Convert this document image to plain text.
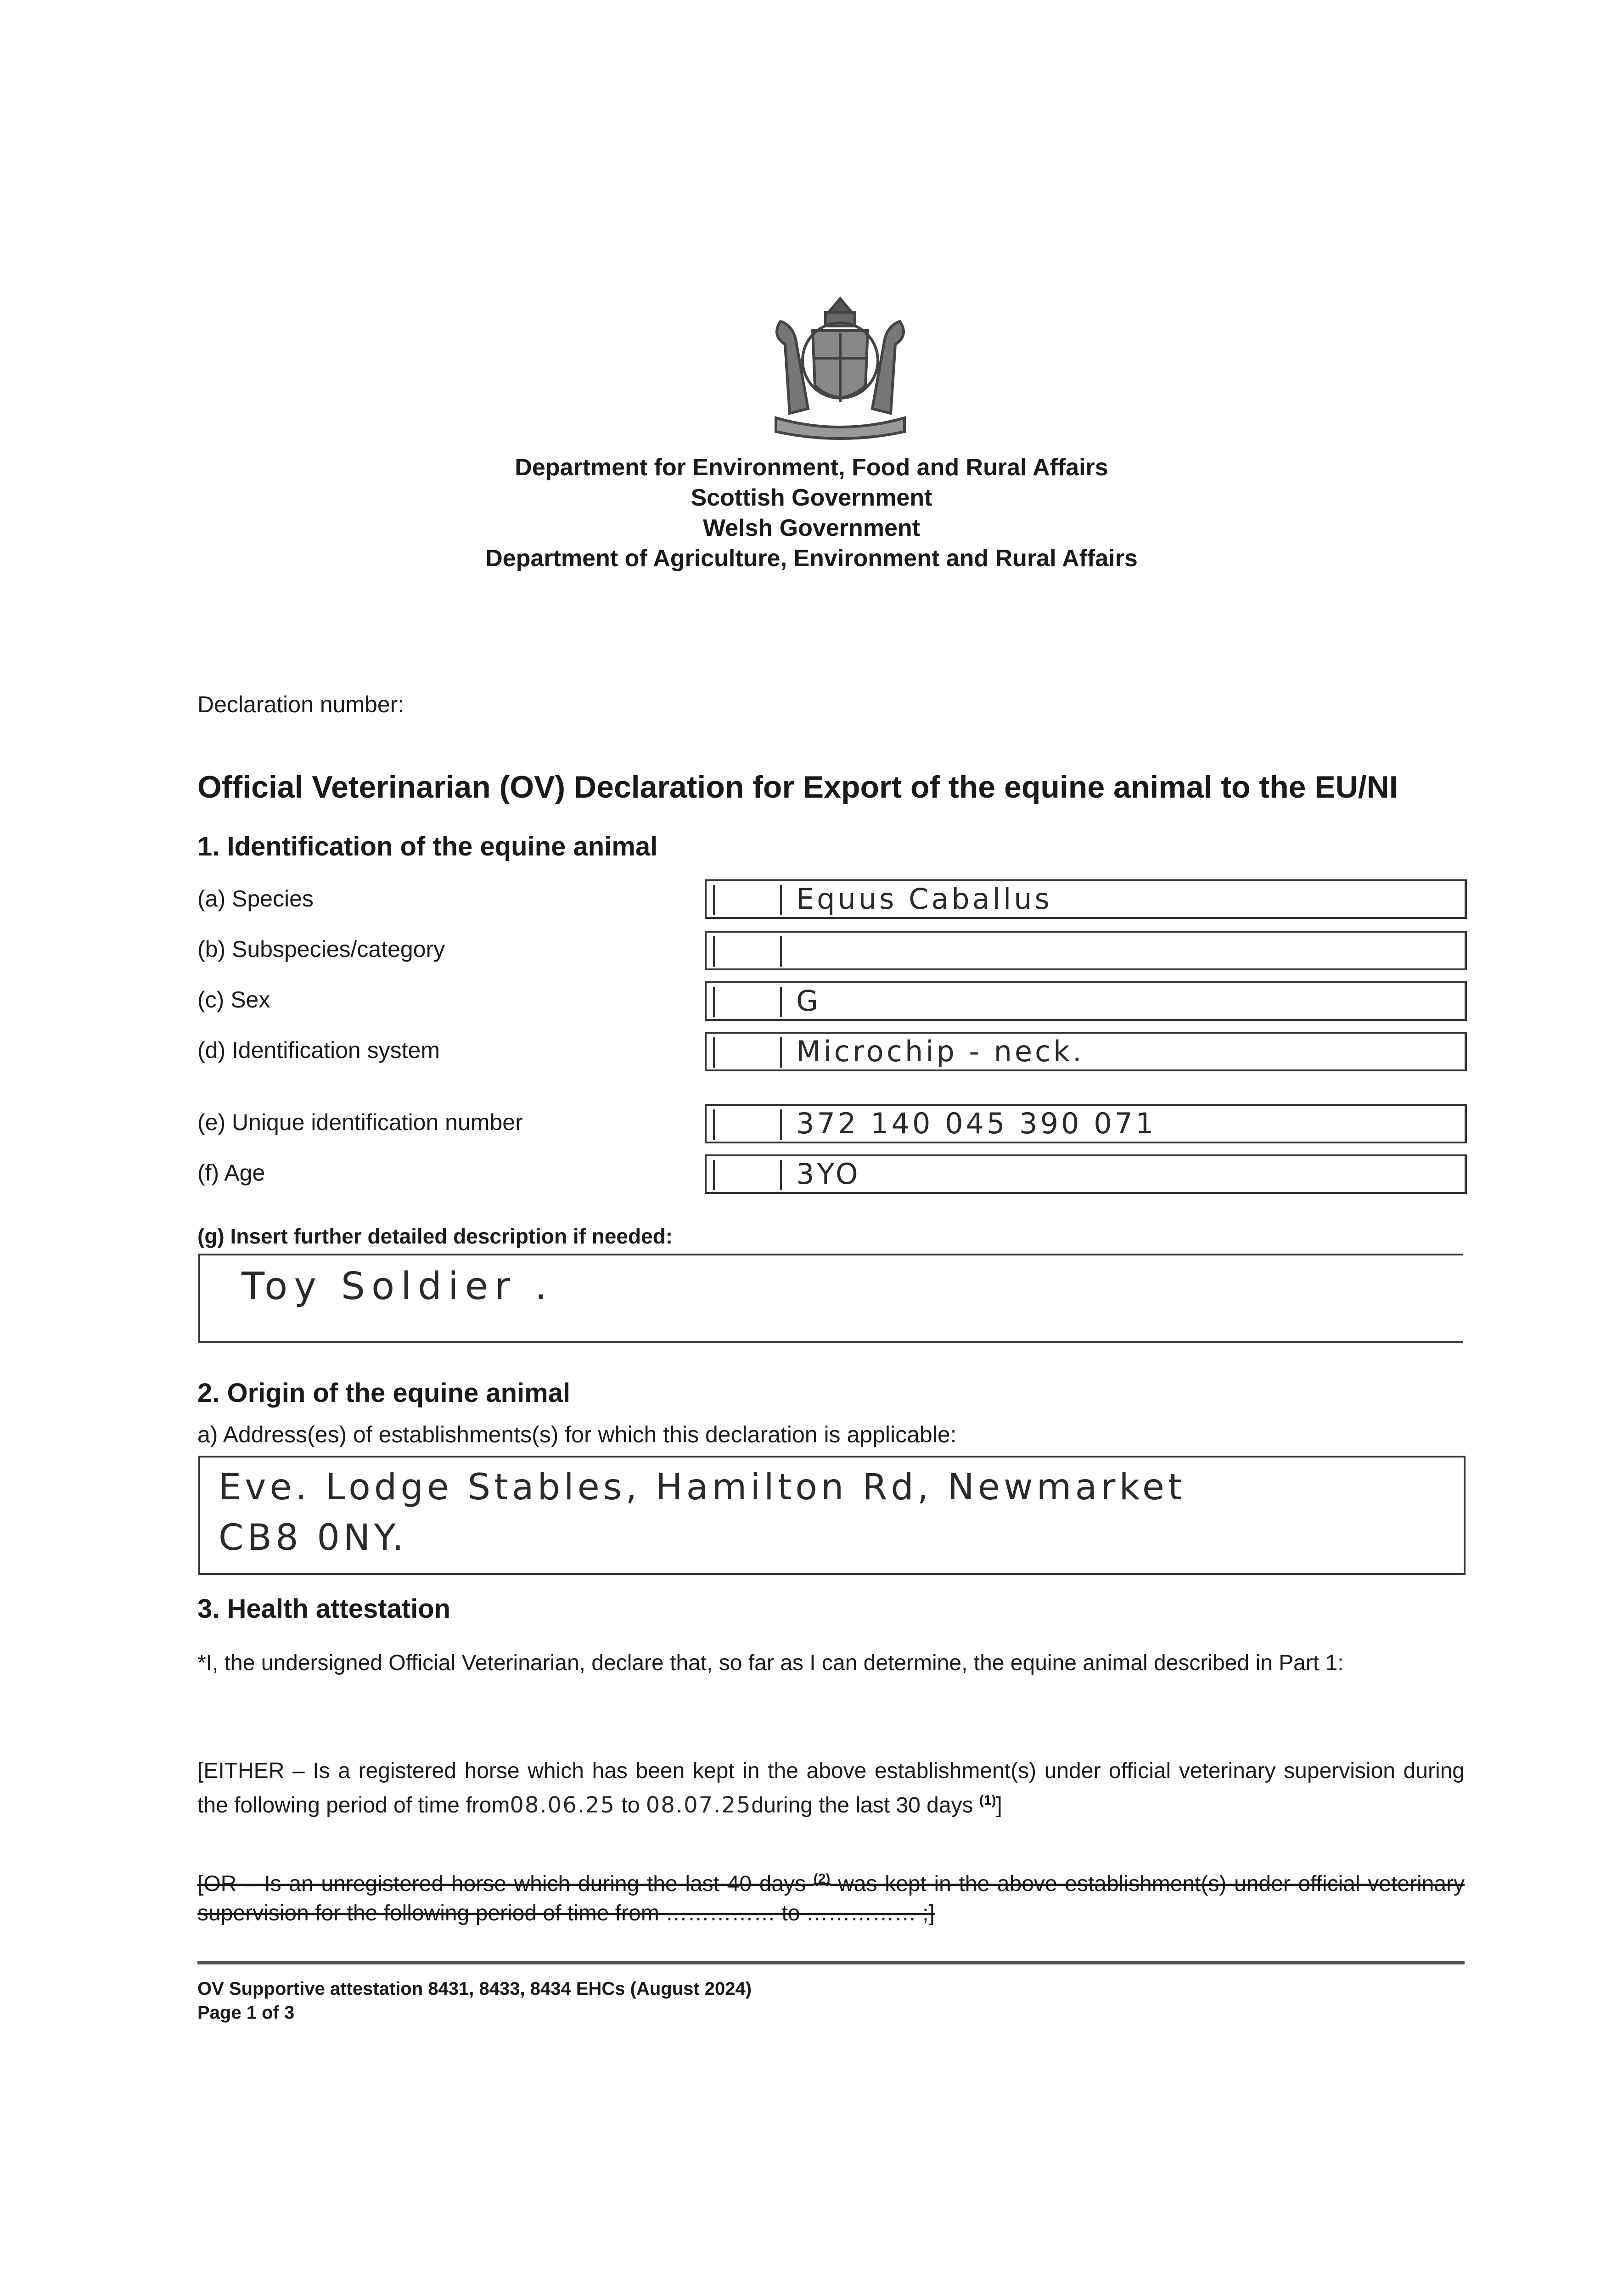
Department for Environment, Food and Rural Affairs
Scottish Government
Welsh Government
Department of Agriculture, Environment and Rural Affairs
Declaration number:
Official Veterinarian (OV) Declaration for Export of the equine animal to the EU/NI
1. Identification of the equine animal
(a) Species	Equus Caballus
(b) Subspecies/category
(c) Sex	G
(d) Identification system	Microchip - neck.
(e) Unique identification number	372 140 045 390 071
(f) Age	3YO
(g) Insert further detailed description if needed:
Toy Soldier .
2. Origin of the equine animal
a) Address(es) of establishments(s) for which this declaration is applicable:
Eve. Lodge Stables, Hamilton Rd, Newmarket
CB8 0NY.
3. Health attestation
*I, the undersigned Official Veterinarian, declare that, so far as I can determine, the equine animal described in Part 1:
[EITHER – Is a registered horse which has been kept in the above establishment(s) under official veterinary supervision during the following period of time from08.06.25 to 08.07.25during the last 30 days $^{(1)}$]
[OR – Is an unregistered horse which during the last 40 days $^{(2)}$ was kept in the above establishment(s) under official veterinary supervision for the following period of time from …………… to …………… ;]
OV Supportive attestation 8431, 8433, 8434 EHCs (August 2024)
Page 1 of 3
